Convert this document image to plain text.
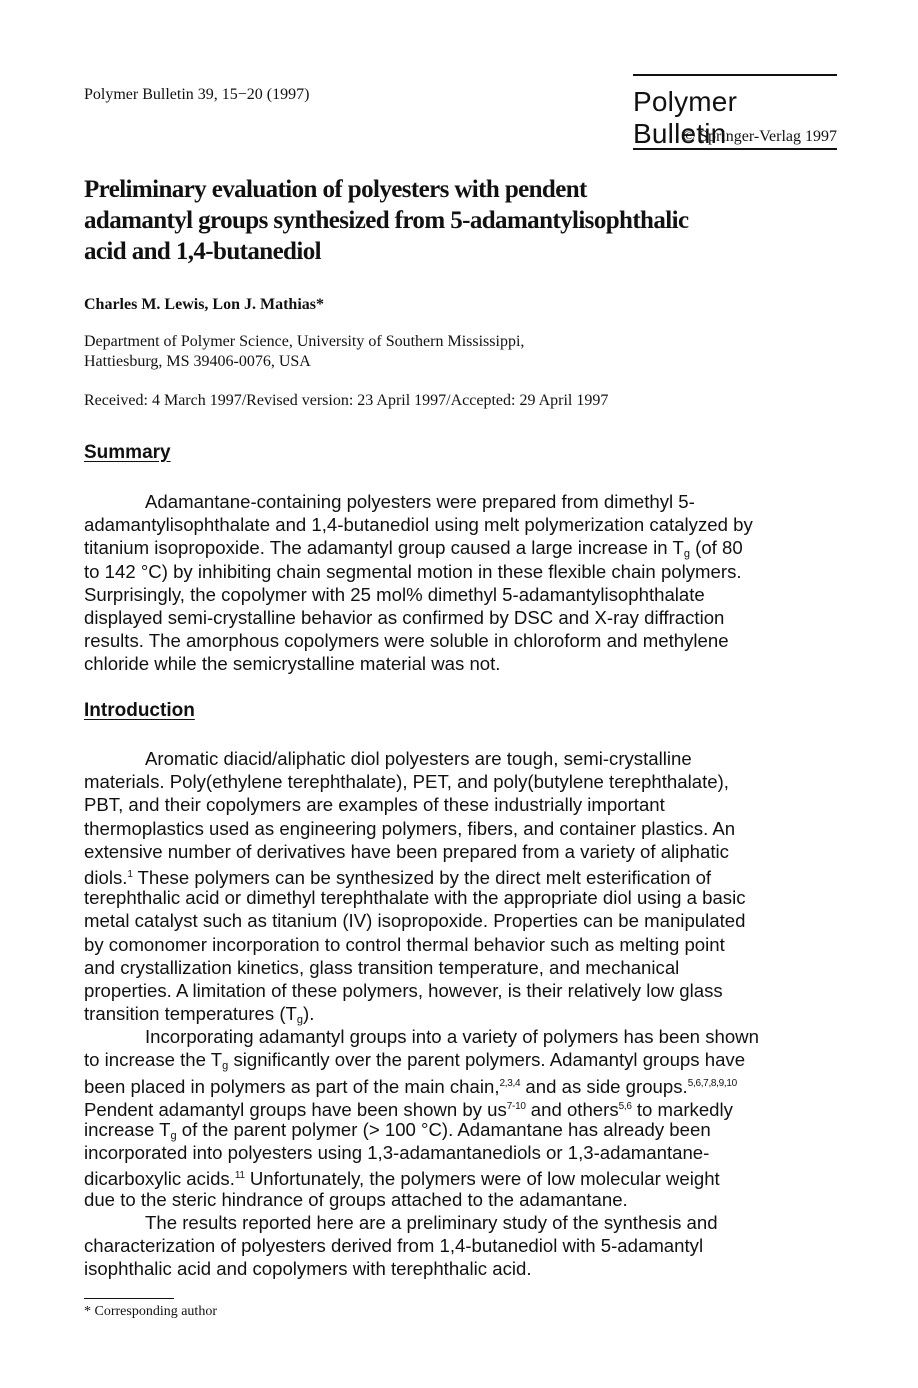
Polymer Bulletin 39, 15−20 (1997)	Polymer Bulletin
© Springer-Verlag 1997
Preliminary evaluation of polyesters with pendent
adamantyl groups synthesized from 5-adamantylisophthalic
acid and 1,4-butanediol
Charles M. Lewis, Lon J. Mathias*
Department of Polymer Science, University of Southern Mississippi,
Hattiesburg, MS 39406-0076, USA
Received: 4 March 1997/Revised version: 23 April 1997/Accepted: 29 April 1997
Summary
Adamantane-containing polyesters were prepared from dimethyl 5-
adamantylisophthalate and 1,4-butanediol using melt polymerization catalyzed by
titanium isopropoxide. The adamantyl group caused a large increase in $T_g$ (of 80
to 142 °C) by inhibiting chain segmental motion in these flexible chain polymers.
Surprisingly, the copolymer with 25 mol% dimethyl 5-adamantylisophthalate
displayed semi-crystalline behavior as confirmed by DSC and X-ray diffraction
results. The amorphous copolymers were soluble in chloroform and methylene
chloride while the semicrystalline material was not.
Introduction
Aromatic diacid/aliphatic diol polyesters are tough, semi-crystalline
materials. Poly(ethylene terephthalate), PET, and poly(butylene terephthalate),
PBT, and their copolymers are examples of these industrially important
thermoplastics used as engineering polymers, fibers, and container plastics. An
extensive number of derivatives have been prepared from a variety of aliphatic
diols.$^1$ These polymers can be synthesized by the direct melt esterification of
terephthalic acid or dimethyl terephthalate with the appropriate diol using a basic
metal catalyst such as titanium (IV) isopropoxide. Properties can be manipulated
by comonomer incorporation to control thermal behavior such as melting point
and crystallization kinetics, glass transition temperature, and mechanical
properties. A limitation of these polymers, however, is their relatively low glass
transition temperatures $(T_g)$.
Incorporating adamantyl groups into a variety of polymers has been shown
to increase the $T_g$ significantly over the parent polymers. Adamantyl groups have
been placed in polymers as part of the main chain,$^{2,3,4}$ and as side groups.$^{5,6,7,8,9,10}$
Pendent adamantyl groups have been shown by $us^{7-10}$ and others$^{5,6}$ to markedly
increase $T_g$ of the parent polymer (> 100 °C). Adamantane has already been
incorporated into polyesters using 1,3-adamantanediols or 1,3-adamantane-
dicarboxylic acids.$^{11}$ Unfortunately, the polymers were of low molecular weight
due to the steric hindrance of groups attached to the adamantane.
The results reported here are a preliminary study of the synthesis and
characterization of polyesters derived from 1,4-butanediol with 5-adamantyl
isophthalic acid and copolymers with terephthalic acid.
* Corresponding author
